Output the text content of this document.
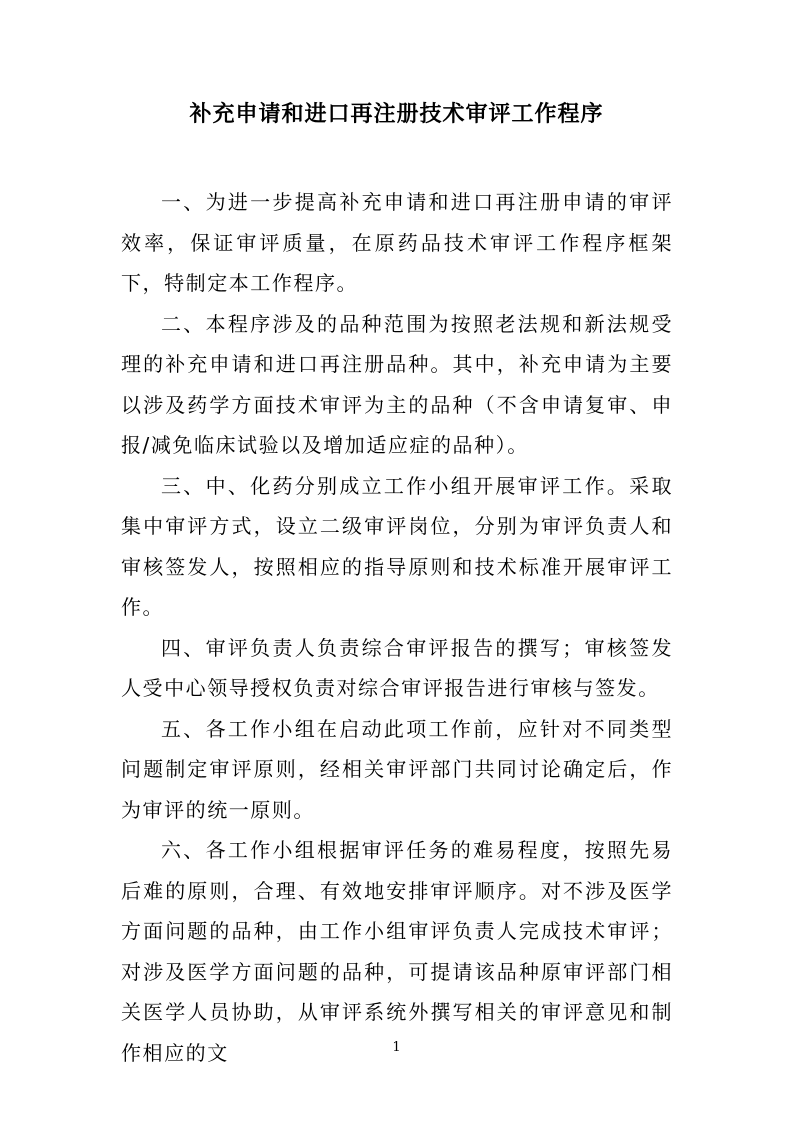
补充申请和进口再注册技术审评工作程序

一、为进一步提高补充申请和进口再注册申请的审评效率，保证审评质量，在原药品技术审评工作程序框架下，特制定本工作程序。

二、本程序涉及的品种范围为按照老法规和新法规受理的补充申请和进口再注册品种。其中，补充申请为主要以涉及药学方面技术审评为主的品种（不含申请复审、申报/减免临床试验以及增加适应症的品种）。

三、中、化药分别成立工作小组开展审评工作。采取集中审评方式，设立二级审评岗位，分别为审评负责人和审核签发人，按照相应的指导原则和技术标准开展审评工作。

四、审评负责人负责综合审评报告的撰写；审核签发人受中心领导授权负责对综合审评报告进行审核与签发。

五、各工作小组在启动此项工作前，应针对不同类型问题制定审评原则，经相关审评部门共同讨论确定后，作为审评的统一原则。

六、各工作小组根据审评任务的难易程度，按照先易后难的原则，合理、有效地安排审评顺序。对不涉及医学方面问题的品种，由工作小组审评负责人完成技术审评；对涉及医学方面问题的品种，可提请该品种原审评部门相关医学人员协助，从审评系统外撰写相关的审评意见和制作相应的文	1
